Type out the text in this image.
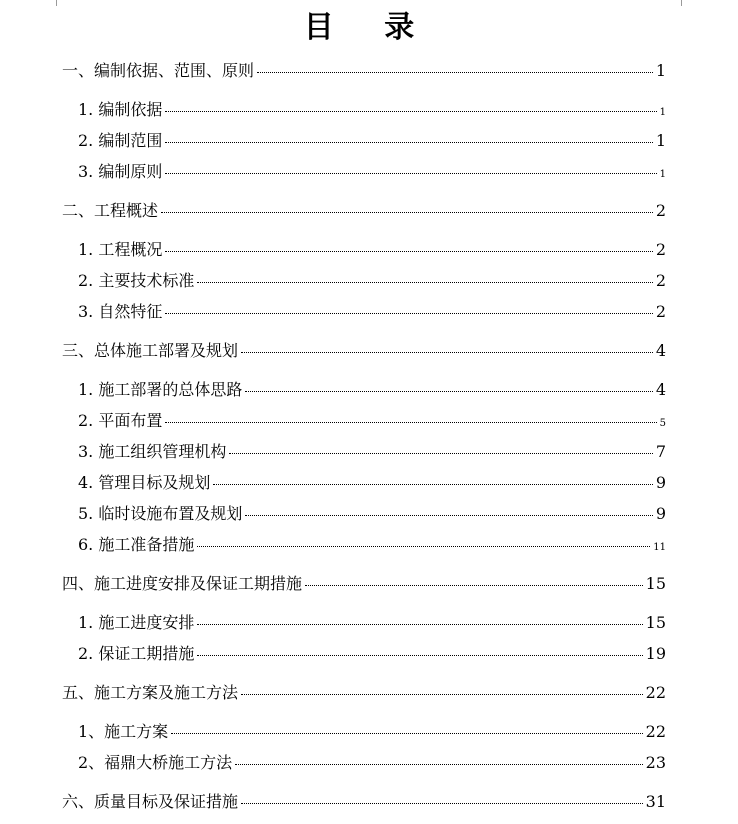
目 录
一、编制依据、范围、原则	1
1. 编制依据	1
2. 编制范围	1
3. 编制原则	1
二、工程概述	2
1. 工程概况	2
2. 主要技术标准	2
3. 自然特征	2
三、总体施工部署及规划	4
1. 施工部署的总体思路	4
2. 平面布置	5
3. 施工组织管理机构	7
4. 管理目标及规划	9
5. 临时设施布置及规划	9
6. 施工准备措施	11
四、施工进度安排及保证工期措施	15
1. 施工进度安排	15
2. 保证工期措施	19
五、施工方案及施工方法	22
1、施工方案	22
2、福鼎大桥施工方法	23
六、质量目标及保证措施	31
